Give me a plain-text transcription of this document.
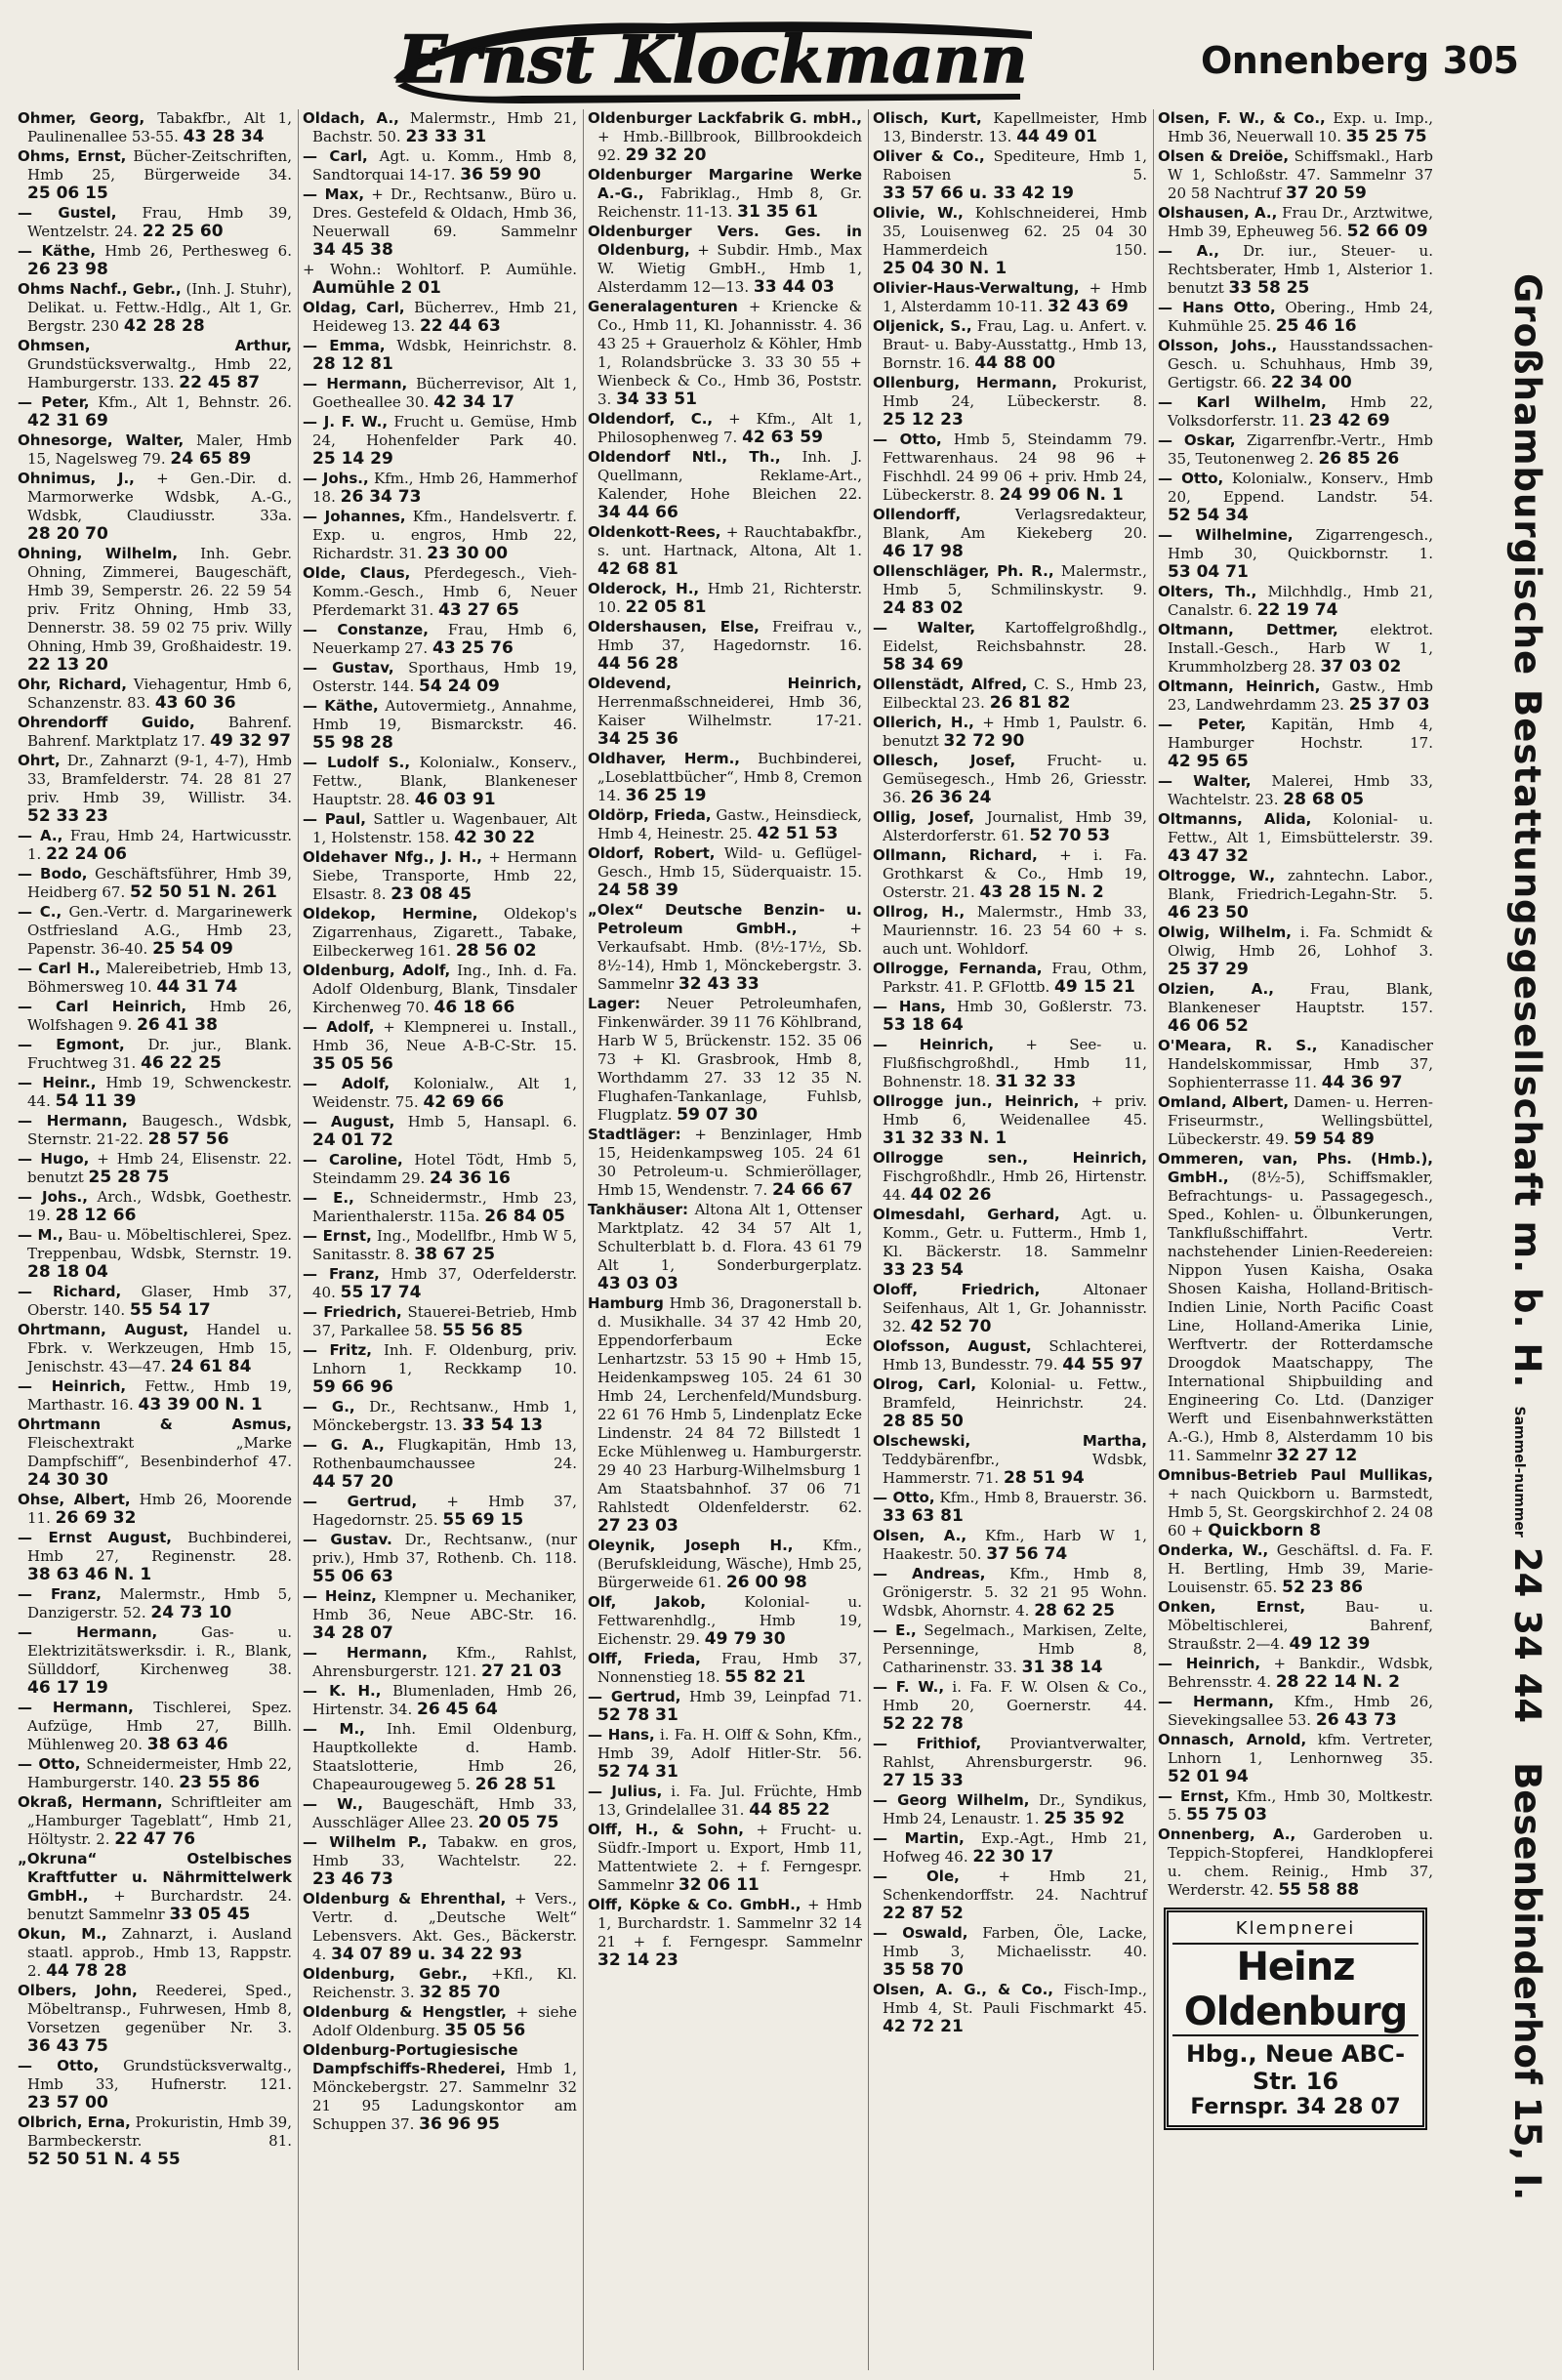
Ernst Klockmann	Onnenberg 305

Ohmer, Georg, Tabakfbr., Alt 1, Paulinenallee 53-55. 43 28 34

Ohms, Ernst, Bücher-Zeitschriften, Hmb 25, Bürgerweide 34. 25 06 15

— Gustel, Frau, Hmb 39, Wentzelstr. 24. 22 25 60

— Käthe, Hmb 26, Perthesweg 6. 26 23 98

Ohms Nachf., Gebr., (Inh. J. Stuhr), Delikat. u. Fettw.-Hdlg., Alt 1, Gr. Bergstr. 230 42 28 28

Ohmsen, Arthur, Grundstücksverwaltg., Hmb 22, Hamburgerstr. 133. 22 45 87

— Peter, Kfm., Alt 1, Behnstr. 26. 42 31 69

Ohnesorge, Walter, Maler, Hmb 15, Nagelsweg 79. 24 65 89

Ohnimus, J., + Gen.-Dir. d. Marmorwerke Wdsbk, A.-G., Wdsbk, Claudiusstr. 33a. 28 20 70

Ohning, Wilhelm, Inh. Gebr. Ohning, Zimmerei, Baugeschäft, Hmb 39, Semperstr. 26. 22 59 54 priv. Fritz Ohning, Hmb 33, Dennerstr. 38. 59 02 75 priv. Willy Ohning, Hmb 39, Großhaidestr. 19. 22 13 20

Ohr, Richard, Viehagentur, Hmb 6, Schanzenstr. 83. 43 60 36

Ohrendorff Guido, Bahrenf. Bahrenf. Marktplatz 17. 49 32 97

Ohrt, Dr., Zahnarzt (9-1, 4-7), Hmb 33, Bramfelderstr. 74. 28 81 27 priv. Hmb 39, Willistr. 34. 52 33 23

— A., Frau, Hmb 24, Hartwicusstr. 1. 22 24 06

— Bodo, Geschäftsführer, Hmb 39, Heidberg 67. 52 50 51 N. 261

— C., Gen.-Vertr. d. Margarinewerk Ostfriesland A.G., Hmb 23, Papenstr. 36-40. 25 54 09

— Carl H., Malereibetrieb, Hmb 13, Böhmersweg 10. 44 31 74

— Carl Heinrich, Hmb 26, Wolfshagen 9. 26 41 38

— Egmont, Dr. jur., Blank. Fruchtweg 31. 46 22 25

— Heinr., Hmb 19, Schwenckestr. 44. 54 11 39

— Hermann, Baugesch., Wdsbk, Sternstr. 21-22. 28 57 56

— Hugo, + Hmb 24, Elisenstr. 22. benutzt 25 28 75

— Johs., Arch., Wdsbk, Goethestr. 19. 28 12 66

— M., Bau- u. Möbeltischlerei, Spez. Treppenbau, Wdsbk, Sternstr. 19. 28 18 04

— Richard, Glaser, Hmb 37, Oberstr. 140. 55 54 17

Ohrtmann, August, Handel u. Fbrk. v. Werkzeugen, Hmb 15, Jenischstr. 43—47. 24 61 84

— Heinrich, Fettw., Hmb 19, Marthastr. 16. 43 39 00 N. 1

Ohrtmann & Asmus, Fleischextrakt „Marke Dampfschiff“, Besenbinderhof 47. 24 30 30

Ohse, Albert, Hmb 26, Moorende 11. 26 69 32

— Ernst August, Buchbinderei, Hmb 27, Reginenstr. 28. 38 63 46 N. 1

— Franz, Malermstr., Hmb 5, Danzigerstr. 52. 24 73 10

— Hermann,	Gas- u. Elektrizitätswerksdir. i. R., Blank, Süllddorf, Kirchenweg 38. 46 17 19

— Hermann, Tischlerei, Spez. Aufzüge, Hmb 27, Billh. Mühlenweg 20. 38 63 46

— Otto, Schneidermeister, Hmb 22, Hamburgerstr. 140. 23 55 86

Okraß, Hermann, Schriftleiter am „Hamburger Tageblatt“, Hmb 21, Höltystr. 2. 22 47 76

„Okruna“ Ostelbisches Kraftfutter u. Nährmittelwerk GmbH., + Burchardstr. 24. benutzt Sammelnr 33 05 45

Okun, M., Zahnarzt, i. Ausland staatl. approb., Hmb 13, Rappstr. 2. 44 78 28

Olbers, John, Reederei, Sped., Möbeltransp., Fuhrwesen, Hmb 8, Vorsetzen gegenüber Nr. 3. 36 43 75

— Otto, Grundstücksverwaltg., Hmb 33, Hufnerstr. 121. 23 57 00

Olbrich, Erna, Prokuristin, Hmb 39, Barmbeckerstr. 81. 52 50 51 N. 4 55

Oldach, A., Malermstr., Hmb 21, Bachstr. 50. 23 33 31

— Carl, Agt. u. Komm., Hmb 8, Sandtorquai 14-17. 36 59 90

— Max, + Dr., Rechtsanw., Büro u. Dres. Gestefeld & Oldach, Hmb 36, Neuerwall 69. Sammelnr 34 45 38

+ Wohn.: Wohltorf. P. Aumühle. Aumühle 2 01

Oldag, Carl, Bücherrev., Hmb 21, Heideweg 13. 22 44 63

— Emma, Wdsbk, Heinrichstr. 8. 28 12 81

— Hermann, Bücherrevisor, Alt 1, Goetheallee 30. 42 34 17

— J. F. W., Frucht u. Gemüse, Hmb 24, Hohenfelder Park 40. 25 14 29

— Johs., Kfm., Hmb 26, Hammerhof 18. 26 34 73

— Johannes, Kfm., Handelsvertr. f. Exp. u. engros, Hmb 22, Richardstr. 31. 23 30 00

Olde, Claus, Pferdegesch., Vieh-Komm.-Gesch., Hmb 6, Neuer Pferdemarkt 31. 43 27 65

— Constanze, Frau, Hmb 6, Neuerkamp 27. 43 25 76

— Gustav, Sporthaus, Hmb 19, Osterstr. 144. 54 24 09

— Käthe, Autovermietg., Annahme, Hmb 19, Bismarckstr. 46. 55 98 28

— Ludolf S., Kolonialw., Konserv., Fettw., Blank, Blankeneser Hauptstr. 28. 46 03 91

— Paul, Sattler u. Wagenbauer, Alt 1, Holstenstr. 158. 42 30 22

Oldehaver Nfg., J. H., + Hermann Siebe, Transporte, Hmb 22, Elsastr. 8. 23 08 45

Oldekop, Hermine, Oldekop's Zigarrenhaus, Zigarett., Tabake, Eilbeckerweg 161. 28 56 02

Oldenburg, Adolf, Ing., Inh. d. Fa. Adolf Oldenburg, Blank, Tinsdaler Kirchenweg 70. 46 18 66

— Adolf, + Klempnerei u. Install., Hmb 36, Neue A-B-C-Str. 15. 35 05 56

— Adolf, Kolonialw., Alt 1, Weidenstr. 75. 42 69 66

— August, Hmb 5, Hansapl. 6. 24 01 72

— Caroline, Hotel Tödt, Hmb 5, Steindamm 29. 24 36 16

— E., Schneidermstr., Hmb 23, Marienthalerstr. 115a. 26 84 05

— Ernst, Ing., Modellfbr., Hmb W 5, Sanitasstr. 8. 38 67 25

— Franz, Hmb 37, Oderfelderstr. 40. 55 17 74

— Friedrich, Stauerei-Betrieb, Hmb 37, Parkallee 58. 55 56 85

— Fritz, Inh. F. Oldenburg, priv. Lnhorn 1, Reckkamp 10. 59 66 96

— G., Dr., Rechtsanw., Hmb 1, Mönckebergstr. 13. 33 54 13

— G. A., Flugkapitän, Hmb 13, Rothenbaumchaussee 24. 44 57 20

— Gertrud, + Hmb 37, Hagedornstr. 25. 55 69 15

— Gustav. Dr., Rechtsanw., (nur priv.), Hmb 37, Rothenb. Ch. 118. 55 06 63

— Heinz, Klempner u. Mechaniker, Hmb 36, Neue ABC-Str. 16. 34 28 07

— Hermann, Kfm., Rahlst, Ahrensburgerstr. 121. 27 21 03

— K. H., Blumenladen, Hmb 26, Hirtenstr. 34. 26 45 64

— M., Inh. Emil Oldenburg, Hauptkollekte d. Hamb. Staatslotterie, Hmb 26, Chapeaurougeweg 5. 26 28 51

— W., Baugeschäft, Hmb 33, Ausschläger Allee 23. 20 05 75

— Wilhelm P., Tabakw. en gros, Hmb 33, Wachtelstr. 22. 23 46 73

Oldenburg & Ehrenthal, + Vers., Vertr. d. „Deutsche Welt“ Lebensvers. Akt. Ges., Bäckerstr. 4. 34 07 89 u. 34 22 93

Oldenburg, Gebr., +Kfl., Kl. Reichenstr. 3. 32 85 70

Oldenburg & Hengstler, + siehe Adolf Oldenburg. 35 05 56

Oldenburg-Portugiesische Dampfschiffs-Rhederei, Hmb 1, Mönckebergstr. 27. Sammelnr 32 21 95 Ladungskontor am Schuppen 37. 36 96 95

Oldenburger Lackfabrik G. mbH., + Hmb.-Billbrook, Billbrookdeich 92. 29 32 20

Oldenburger Margarine Werke A.-G., Fabriklag., Hmb 8, Gr. Reichenstr. 11-13. 31 35 61

Oldenburger Vers. Ges. in Oldenburg, + Subdir. Hmb., Max W. Wietig GmbH., Hmb 1, Alsterdamm 12—13. 33 44 03

Generalagenturen + Kriencke & Co., Hmb 11, Kl. Johannisstr. 4. 36 43 25 + Grauerholz & Köhler, Hmb 1, Rolandsbrücke 3. 33 30 55 + Wienbeck & Co., Hmb 36, Poststr. 3. 34 33 51

Oldendorf, C., + Kfm., Alt 1, Philosophenweg 7. 42 63 59

Oldendorf Ntl., Th., Inh. J. Quellmann, Reklame-Art., Kalender, Hohe Bleichen 22. 34 44 66

Oldenkott-Rees, + Rauchtabakfbr., s. unt. Hartnack, Altona, Alt 1. 42 68 81

Olderock, H., Hmb 21, Richterstr. 10. 22 05 81

Oldershausen, Else, Freifrau v., Hmb 37, Hagedornstr. 16. 44 56 28

Oldevend, Heinrich, Herrenmaßschneiderei, Hmb 36, Kaiser Wilhelmstr. 17-21. 34 25 36

Oldhaver, Herm., Buchbinderei, „Loseblattbücher“, Hmb 8, Cremon 14. 36 25 19

Oldörp, Frieda, Gastw., Heinsdieck, Hmb 4, Heinestr. 25. 42 51 53

Oldorf, Robert, Wild- u. Geflügel-Gesch., Hmb 15, Süderquaistr. 15. 24 58 39

„Olex“ Deutsche Benzin- u. Petroleum GmbH.,	+ Verkaufsabt. Hmb. (8½-17½, Sb. 8½-14), Hmb 1, Mönckebergstr. 3. Sammelnr 32 43 33

Lager: Neuer Petroleumhafen, Finkenwärder. 39 11 76 Köhlbrand, Harb W 5, Brückenstr. 152. 35 06 73 + Kl. Grasbrook, Hmb 8, Worthdamm 27. 33 12 35 N. Flughafen-Tankanlage, Fuhlsb, Flugplatz. 59 07 30

Stadtläger: + Benzinlager, Hmb 15, Heidenkampsweg 105. 24 61 30 Petroleum-u. Schmieröllager, Hmb 15, Wendenstr. 7. 24 66 67

Tankhäuser: Altona Alt 1, Ottenser Marktplatz. 42 34 57 Alt 1, Schulterblatt b. d. Flora. 43 61 79 Alt 1, Sonderburgerplatz. 43 03 03

Hamburg Hmb 36, Dragonerstall b. d. Musikhalle. 34 37 42 Hmb 20, Eppendorferbaum Ecke Lenhartzstr. 53 15 90 + Hmb 15, Heidenkampsweg 105. 24 61 30 Hmb 24, Lerchenfeld/Mundsburg. 22 61 76 Hmb 5, Lindenplatz Ecke Lindenstr. 24 84 72 Billstedt 1 Ecke Mühlenweg u. Hamburgerstr. 29 40 23 Harburg-Wilhelmsburg 1 Am Staatsbahnhof. 37 06 71 Rahlstedt Oldenfelderstr. 62. 27 23 03

Oleynik, Joseph H., Kfm., (Berufskleidung, Wäsche), Hmb 25, Bürgerweide 61. 26 00 98

Olf, Jakob,	Kolonial- u. Fettwarenhdlg., Hmb 19, Eichenstr. 29. 49 79 30

Olff, Frieda, Frau, Hmb 37, Nonnenstieg 18. 55 82 21

— Gertrud, Hmb 39, Leinpfad 71. 52 78 31

— Hans, i. Fa. H. Olff & Sohn, Kfm., Hmb 39, Adolf Hitler-Str. 56. 52 74 31

— Julius, i. Fa. Jul. Früchte, Hmb 13, Grindelallee 31. 44 85 22

Olff, H., & Sohn, + Frucht- u. Südfr.-Import u. Export, Hmb 11, Mattentwiete 2. + f. Ferngespr. Sammelnr 32 06 11

Olff, Köpke & Co. GmbH., + Hmb 1, Burchardstr. 1. Sammelnr 32 14 21 + f. Ferngespr. Sammelnr 32 14 23

Olisch, Kurt, Kapellmeister, Hmb 13, Binderstr. 13. 44 49 01

Oliver & Co., Spediteure, Hmb 1, Raboisen 5. 33 57 66 u. 33 42 19

Olivie, W., Kohlschneiderei, Hmb 35, Louisenweg 62. 25 04 30 Hammerdeich 150. 25 04 30 N. 1

Olivier-Haus-Verwaltung, + Hmb 1, Alsterdamm 10-11. 32 43 69

Oljenick, S., Frau, Lag. u. Anfert. v. Braut- u. Baby-Ausstattg., Hmb 13, Bornstr. 16. 44 88 00

Ollenburg, Hermann, Prokurist, Hmb 24, Lübeckerstr. 8. 25 12 23

— Otto, Hmb 5, Steindamm 79. Fettwarenhaus. 24 98 96 + Fischhdl. 24 99 06 + priv. Hmb 24, Lübeckerstr. 8. 24 99 06 N. 1

Ollendorff,	Verlagsredakteur, Blank, Am Kiekeberg 20. 46 17 98

Ollenschläger, Ph. R., Malermstr., Hmb 5, Schmilinskystr. 9. 24 83 02

— Walter, Kartoffelgroßhdlg., Eidelst, Reichsbahnstr. 28. 58 34 69

Ollenstädt, Alfred, C. S., Hmb 23, Eilbecktal 23. 26 81 82

Ollerich, H., + Hmb 1, Paulstr. 6. benutzt 32 72 90

Ollesch, Josef, Frucht- u. Gemüsegesch., Hmb 26, Griesstr. 36. 26 36 24

Ollig, Josef, Journalist, Hmb 39, Alsterdorferstr. 61. 52 70 53

Ollmann, Richard, + i. Fa. Grothkarst & Co., Hmb 19, Osterstr. 21. 43 28 15 N. 2

Ollrog, H., Malermstr., Hmb 33, Mauriennstr. 16. 23 54 60 + s. auch unt. Wohldorf.

Ollrogge, Fernanda, Frau, Othm, Parkstr. 41. P. GFlottb. 49 15 21

— Hans, Hmb 30, Goßlerstr. 73. 53 18 64

— Heinrich, + See- u. Flußfischgroßhdl., Hmb 11, Bohnenstr. 18. 31 32 33

Ollrogge jun., Heinrich, + priv. Hmb 6, Weidenallee 45. 31 32 33 N. 1

Ollrogge sen., Heinrich, Fischgroßhdlr., Hmb 26, Hirtenstr. 44. 44 02 26

Olmesdahl, Gerhard, Agt. u. Komm., Getr. u. Futterm., Hmb 1, Kl. Bäckerstr. 18. Sammelnr 33 23 54

Oloff, Friedrich,	Altonaer Seifenhaus, Alt 1, Gr. Johannisstr. 32. 42 52 70

Olofsson, August, Schlachterei, Hmb 13, Bundesstr. 79. 44 55 97

Olrog, Carl, Kolonial- u. Fettw., Bramfeld, Heinrichstr. 24. 28 85 50

Olschewski, Martha, Teddybärenfbr., Wdsbk, Hammerstr. 71. 28 51 94

— Otto, Kfm., Hmb 8, Brauerstr. 36. 33 63 81

Olsen, A., Kfm., Harb W 1, Haakestr. 50. 37 56 74

— Andreas, Kfm., Hmb 8, Grönigerstr. 5. 32 21 95 Wohn. Wdsbk, Ahornstr. 4. 28 62 25

— E., Segelmach., Markisen, Zelte, Persenninge, Hmb 8, Catharinenstr. 33. 31 38 14

— F. W., i. Fa. F. W. Olsen & Co., Hmb 20, Goernerstr. 44. 52 22 78

— Frithiof, Proviantverwalter, Rahlst, Ahrensburgerstr. 96. 27 15 33

— Georg Wilhelm, Dr., Syndikus, Hmb 24, Lenaustr. 1. 25 35 92

— Martin, Exp.-Agt., Hmb 21, Hofweg 46. 22 30 17

— Ole,	+ Hmb 21, Schenkendorffstr. 24. Nachtruf 22 87 52

— Oswald, Farben, Öle, Lacke, Hmb 3, Michaelisstr. 40. 35 58 70

Olsen, A. G., & Co., Fisch-Imp., Hmb 4, St. Pauli Fischmarkt 45. 42 72 21

Olsen, F. W., & Co., Exp. u. Imp., Hmb 36, Neuerwall 10. 35 25 75

Olsen & Dreiöe, Schiffsmakl., Harb W 1, Schloßstr. 47. Sammelnr 37 20 58 Nachtruf 37 20 59

Olshausen, A., Frau Dr., Arztwitwe, Hmb 39, Epheuweg 56. 52 66 09

— A., Dr. iur., Steuer- u. Rechtsberater, Hmb 1, Alsterior 1. benutzt 33 58 25

— Hans Otto, Obering., Hmb 24, Kuhmühle 25. 25 46 16

Olsson, Johs., Hausstandssachen-Gesch. u. Schuhhaus, Hmb 39, Gertigstr. 66. 22 34 00

— Karl Wilhelm, Hmb 22, Volksdorferstr. 11. 23 42 69

— Oskar, Zigarrenfbr.-Vertr., Hmb 35, Teutonenweg 2. 26 85 26

— Otto, Kolonialw., Konserv., Hmb 20, Eppend. Landstr. 54. 52 54 34

— Wilhelmine, Zigarrengesch., Hmb 30, Quickbornstr. 1. 53 04 71

Olters, Th., Milchhdlg., Hmb 21, Canalstr. 6. 22 19 74

Oltmann, Dettmer, elektrot. Install.-Gesch., Harb W 1, Krummholzberg 28. 37 03 02

Oltmann, Heinrich, Gastw., Hmb 23, Landwehrdamm 23. 25 37 03

— Peter, Kapitän, Hmb 4, Hamburger Hochstr. 17. 42 95 65

— Walter, Malerei, Hmb 33, Wachtelstr. 23. 28 68 05

Oltmanns, Alida, Kolonial- u. Fettw., Alt 1, Eimsbüttelerstr. 39. 43 47 32

Oltrogge, W., zahntechn. Labor., Blank, Friedrich-Legahn-Str. 5. 46 23 50

Olwig, Wilhelm, i. Fa. Schmidt & Olwig, Hmb 26, Lohhof 3. 25 37 29

Olzien, A., Frau, Blank, Blankeneser Hauptstr. 157. 46 06 52

O'Meara, R. S., Kanadischer Handelskommissar, Hmb 37, Sophienterrasse 11. 44 36 97

Omland, Albert, Damen- u. Herren-Friseurmstr., Wellingsbüttel, Lübeckerstr. 49. 59 54 89

Ommeren, van, Phs. (Hmb.), GmbH., (8½-5), Schiffsmakler, Befrachtungs- u. Passagegesch., Sped., Kohlen- u. Ölbunkerungen, Tankflußschiffahrt. Vertr. nachstehender Linien-Reedereien: Nippon Yusen Kaisha, Osaka Shosen Kaisha, Holland-Britisch-Indien Linie, North Pacific Coast Line, Holland-Amerika Linie, Werftvertr. der Rotterdamsche Droogdok Maatschappy, The International Shipbuilding and Engineering Co. Ltd. (Danziger Werft und Eisenbahnwerkstätten A.-G.), Hmb 8, Alsterdamm 10 bis 11. Sammelnr 32 27 12

Omnibus-Betrieb Paul Mullikas, + nach Quickborn u. Barmstedt, Hmb 5, St. Georgskirchhof 2. 24 08 60 + Quickborn 8

Onderka, W., Geschäftsl. d. Fa. F. H. Bertling, Hmb 39, Marie-Louisenstr. 65. 52 23 86

Onken, Ernst,	Bau- u. Möbeltischlerei, Bahrenf, Straußstr. 2—4. 49 12 39

— Heinrich, + Bankdir., Wdsbk, Behrensstr. 4. 28 22 14 N. 2

— Hermann, Kfm., Hmb 26, Sievekingsallee 53. 26 43 73

Onnasch, Arnold, kfm. Vertreter, Lnhorn 1, Lenhornweg 35. 52 01 94

— Ernst, Kfm., Hmb 30, Moltkestr. 5. 55 75 03

Onnenberg, A., Garderoben u. Teppich-Stopferei, Handklopferei u. chem. Reinig., Hmb 37, Werderstr. 42. 55 58 88

Klempnerei
Heinz Oldenburg
Hbg., Neue ABC-Str. 16
Fernspr. 34 28 07
Großhamburgische Bestattungsgesellschaft m. b. H.Sammel-nummer24 34 44Besenbinderhof 15, I.
